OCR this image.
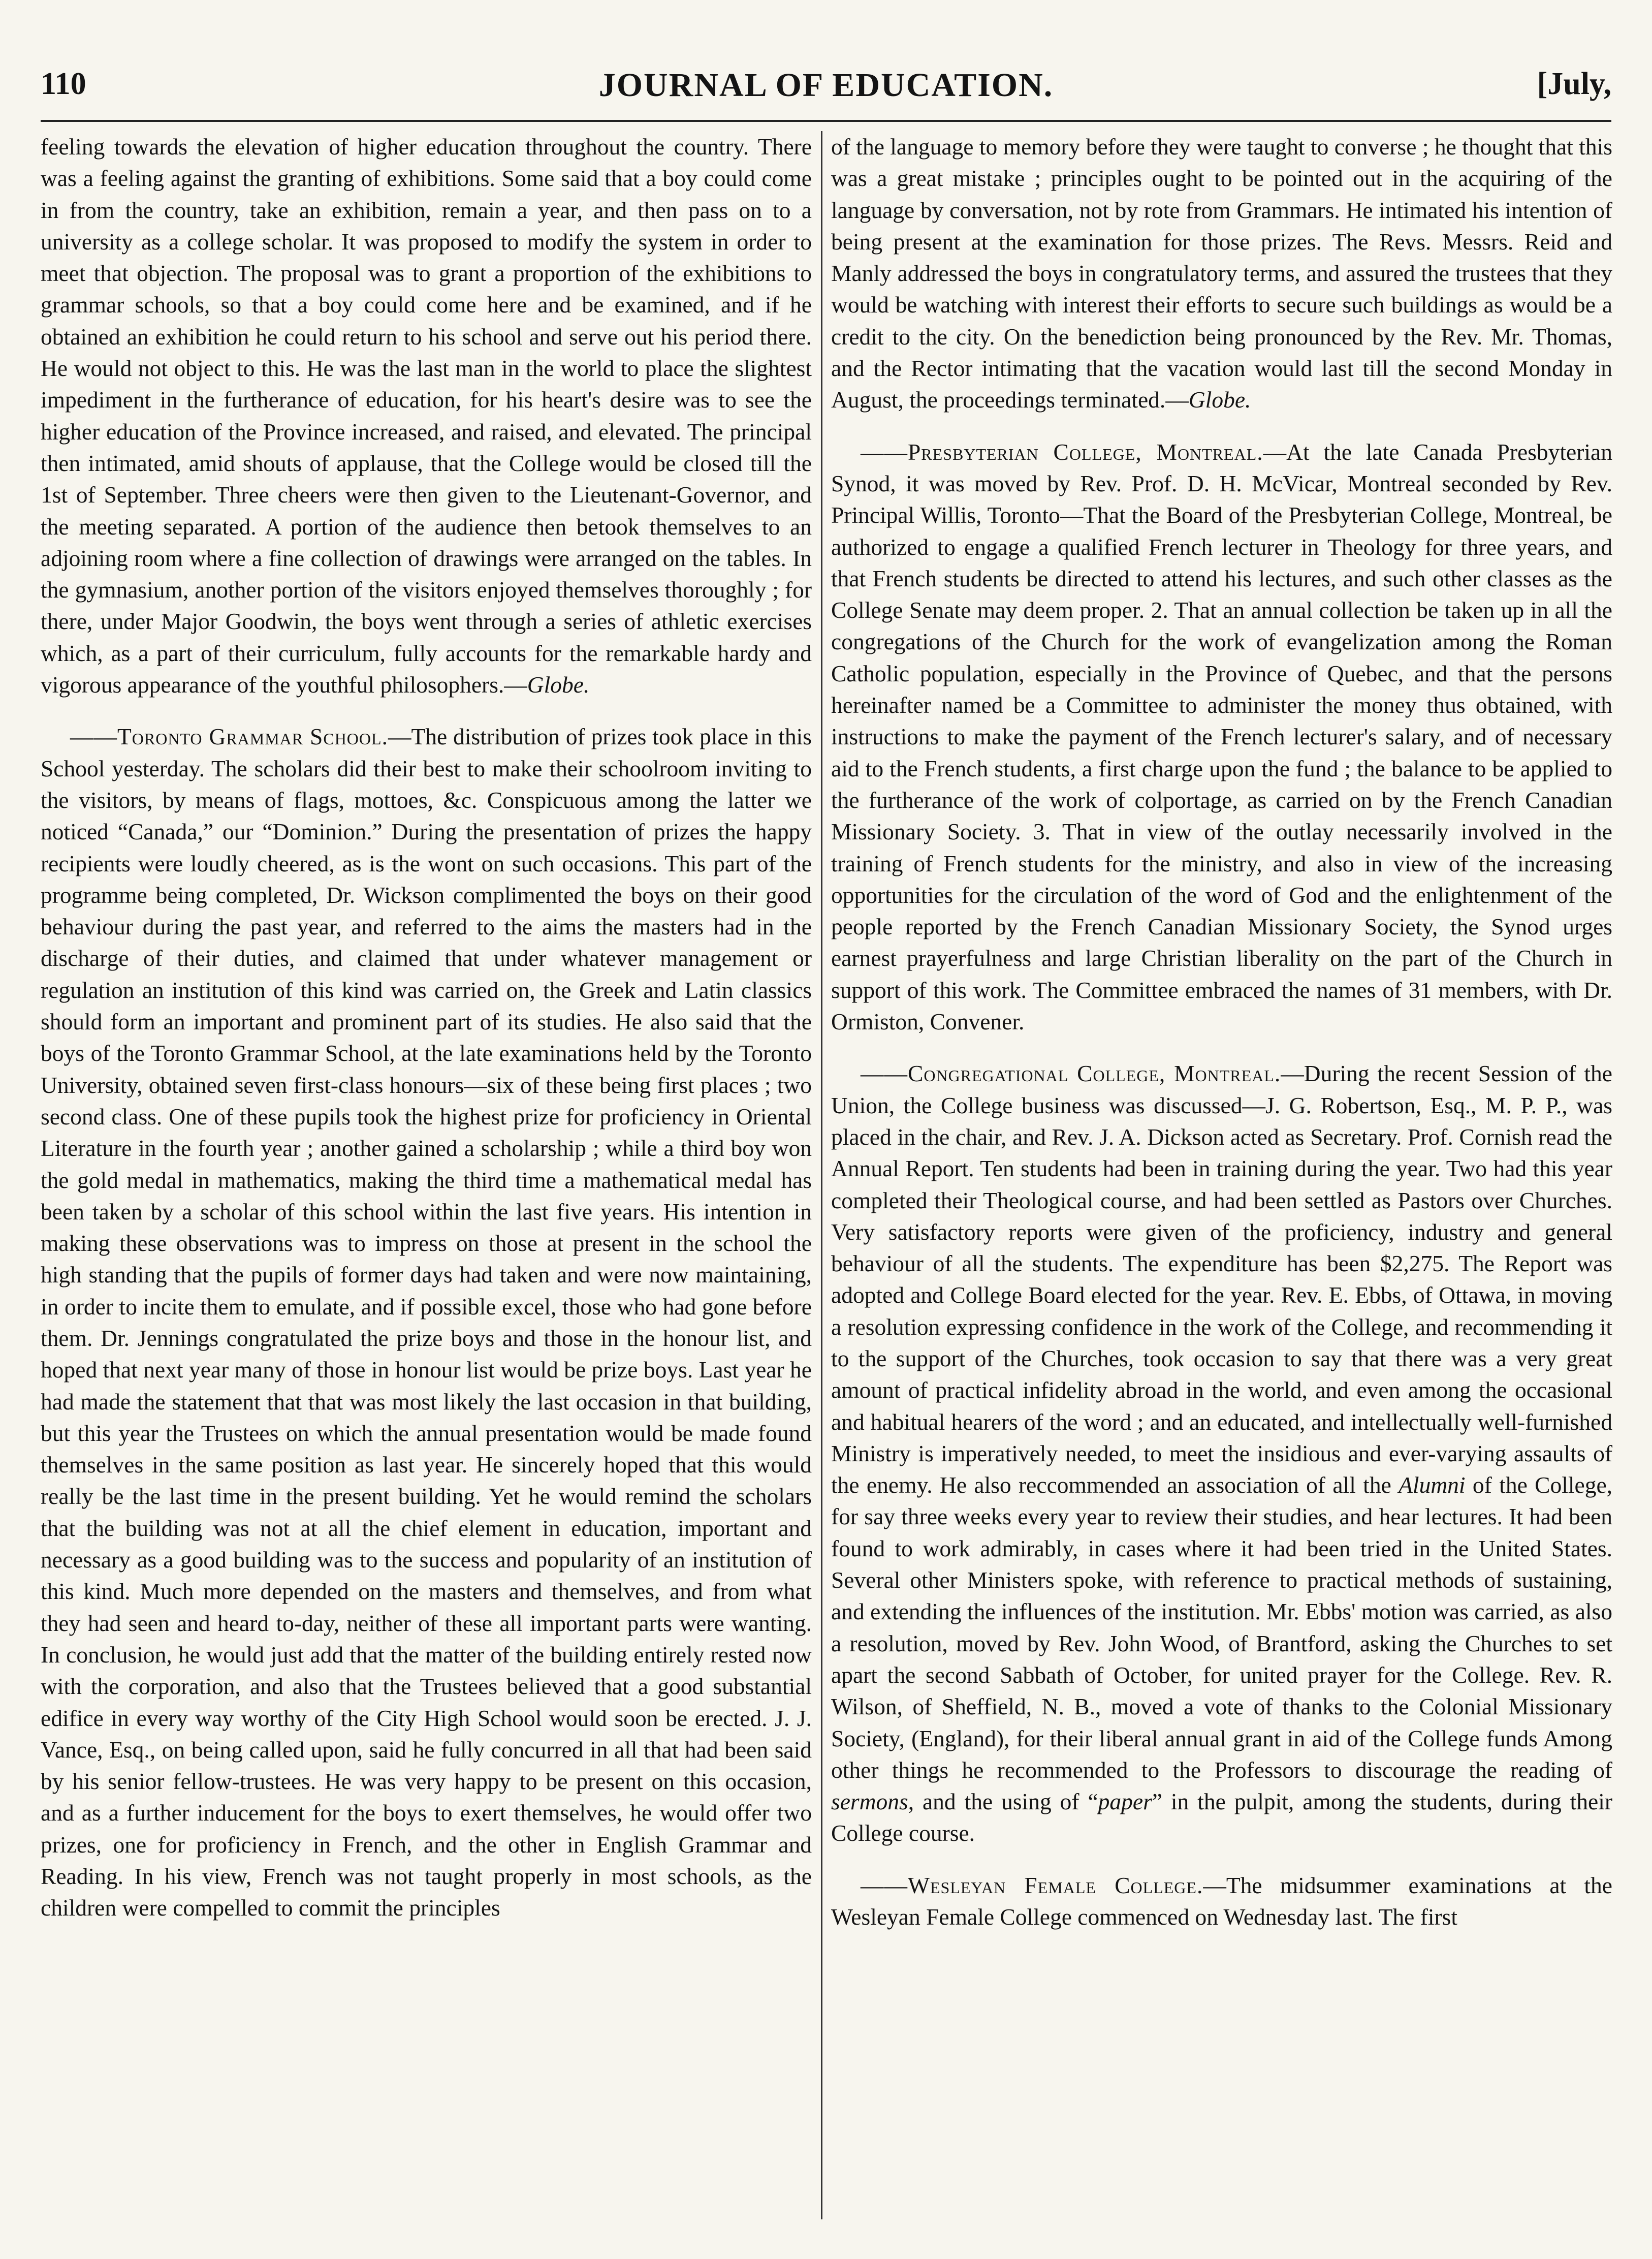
110	JOURNAL OF EDUCATION.	[July,

feeling towards the elevation of higher education throughout the country. There was a feeling against the granting of exhibitions. Some said that a boy could come in from the country, take an exhibition, remain a year, and then pass on to a university as a college scholar. It was proposed to modify the system in order to meet that objection. The proposal was to grant a proportion of the exhibitions to grammar schools, so that a boy could come here and be examined, and if he obtained an exhibition he could return to his school and serve out his period there. He would not object to this. He was the last man in the world to place the slightest impediment in the furtherance of education, for his heart's desire was to see the higher education of the Province increased, and raised, and elevated. The principal then intimated, amid shouts of applause, that the College would be closed till the 1st of September. Three cheers were then given to the Lieutenant-Governor, and the meeting separated. A portion of the audience then betook themselves to an adjoining room where a fine collection of drawings were arranged on the tables. In the gymnasium, another portion of the visitors enjoyed themselves thoroughly ; for there, under Major Goodwin, the boys went through a series of athletic exercises which, as a part of their curriculum, fully accounts for the remarkable hardy and vigorous appearance of the youthful philosophers.—Globe.

——Toronto Grammar School.—The distribution of prizes took place in this School yesterday. The scholars did their best to make their schoolroom inviting to the visitors, by means of flags, mottoes, &c. Conspicuous among the latter we noticed “Canada,” our “Dominion.” During the presentation of prizes the happy recipients were loudly cheered, as is the wont on such occasions. This part of the programme being completed, Dr. Wickson complimented the boys on their good behaviour during the past year, and referred to the aims the masters had in the discharge of their duties, and claimed that under whatever management or regulation an institution of this kind was carried on, the Greek and Latin classics should form an important and prominent part of its studies. He also said that the boys of the Toronto Grammar School, at the late examinations held by the Toronto University, obtained seven first-class honours—six of these being first places ; two second class. One of these pupils took the highest prize for proficiency in Oriental Literature in the fourth year ; another gained a scholarship ; while a third boy won the gold medal in mathematics, making the third time a mathematical medal has been taken by a scholar of this school within the last five years. His intention in making these observations was to impress on those at present in the school the high standing that the pupils of former days had taken and were now maintaining, in order to incite them to emulate, and if possible excel, those who had gone before them. Dr. Jennings congratulated the prize boys and those in the honour list, and hoped that next year many of those in honour list would be prize boys. Last year he had made the statement that that was most likely the last occasion in that building, but this year the Trustees on which the annual presentation would be made found themselves in the same position as last year. He sincerely hoped that this would really be the last time in the present building. Yet he would remind the scholars that the building was not at all the chief element in education, important and necessary as a good building was to the success and popularity of an institution of this kind. Much more depended on the masters and themselves, and from what they had seen and heard to-day, neither of these all important parts were wanting. In conclusion, he would just add that the matter of the building entirely rested now with the corporation, and also that the Trustees believed that a good substantial edifice in every way worthy of the City High School would soon be erected. J. J. Vance, Esq., on being called upon, said he fully concurred in all that had been said by his senior fellow-trustees. He was very happy to be present on this occasion, and as a further inducement for the boys to exert themselves, he would offer two prizes, one for proficiency in French, and the other in English Grammar and Reading. In his view, French was not taught properly in most schools, as the children were compelled to commit the principles

of the language to memory before they were taught to converse ; he thought that this was a great mistake ; principles ought to be pointed out in the acquiring of the language by conversation, not by rote from Grammars. He intimated his intention of being present at the examination for those prizes. The Revs. Messrs. Reid and Manly addressed the boys in congratulatory terms, and assured the trustees that they would be watching with interest their efforts to secure such buildings as would be a credit to the city. On the benediction being pronounced by the Rev. Mr. Thomas, and the Rector intimating that the vacation would last till the second Monday in August, the proceedings terminated.—Globe.

——Presbyterian College, Montreal.—At the late Canada Presbyterian Synod, it was moved by Rev. Prof. D. H. McVicar, Montreal seconded by Rev. Principal Willis, Toronto—That the Board of the Presbyterian College, Montreal, be authorized to engage a qualified French lecturer in Theology for three years, and that French students be directed to attend his lectures, and such other classes as the College Senate may deem proper. 2. That an annual collection be taken up in all the congregations of the Church for the work of evangelization among the Roman Catholic population, especially in the Province of Quebec, and that the persons hereinafter named be a Committee to administer the money thus obtained, with instructions to make the payment of the French lecturer's salary, and of necessary aid to the French students, a first charge upon the fund ; the balance to be applied to the furtherance of the work of colportage, as carried on by the French Canadian Missionary Society. 3. That in view of the outlay necessarily involved in the training of French students for the ministry, and also in view of the increasing opportunities for the circulation of the word of God and the enlightenment of the people reported by the French Canadian Missionary Society, the Synod urges earnest prayerfulness and large Christian liberality on the part of the Church in support of this work. The Committee embraced the names of 31 members, with Dr. Ormiston, Convener.

——Congregational College, Montreal.—During the recent Session of the Union, the College business was discussed—J. G. Robertson, Esq., M. P. P., was placed in the chair, and Rev. J. A. Dickson acted as Secretary. Prof. Cornish read the Annual Report. Ten students had been in training during the year. Two had this year completed their Theological course, and had been settled as Pastors over Churches. Very satisfactory reports were given of the proficiency, industry and general behaviour of all the students. The expenditure has been $2,275. The Report was adopted and College Board elected for the year. Rev. E. Ebbs, of Ottawa, in moving a resolution expressing confidence in the work of the College, and recommending it to the support of the Churches, took occasion to say that there was a very great amount of practical infidelity abroad in the world, and even among the occasional and habitual hearers of the word ; and an educated, and intellectually well-furnished Ministry is imperatively needed, to meet the insidious and ever-varying assaults of the enemy. He also reccommended an association of all the Alumni of the College, for say three weeks every year to review their studies, and hear lectures. It had been found to work admirably, in cases where it had been tried in the United States. Several other Ministers spoke, with reference to practical methods of sustaining, and extending the influences of the institution. Mr. Ebbs' motion was carried, as also a resolution, moved by Rev. John Wood, of Brantford, asking the Churches to set apart the second Sabbath of October, for united prayer for the College. Rev. R. Wilson, of Sheffield, N. B., moved a vote of thanks to the Colonial Missionary Society, (England), for their liberal annual grant in aid of the College funds Among other things he recommended to the Professors to discourage the reading of sermons, and the using of “paper” in the pulpit, among the students, during their College course.

——Wesleyan Female College.—The midsummer examinations at the Wesleyan Female College commenced on Wednesday last. The first
